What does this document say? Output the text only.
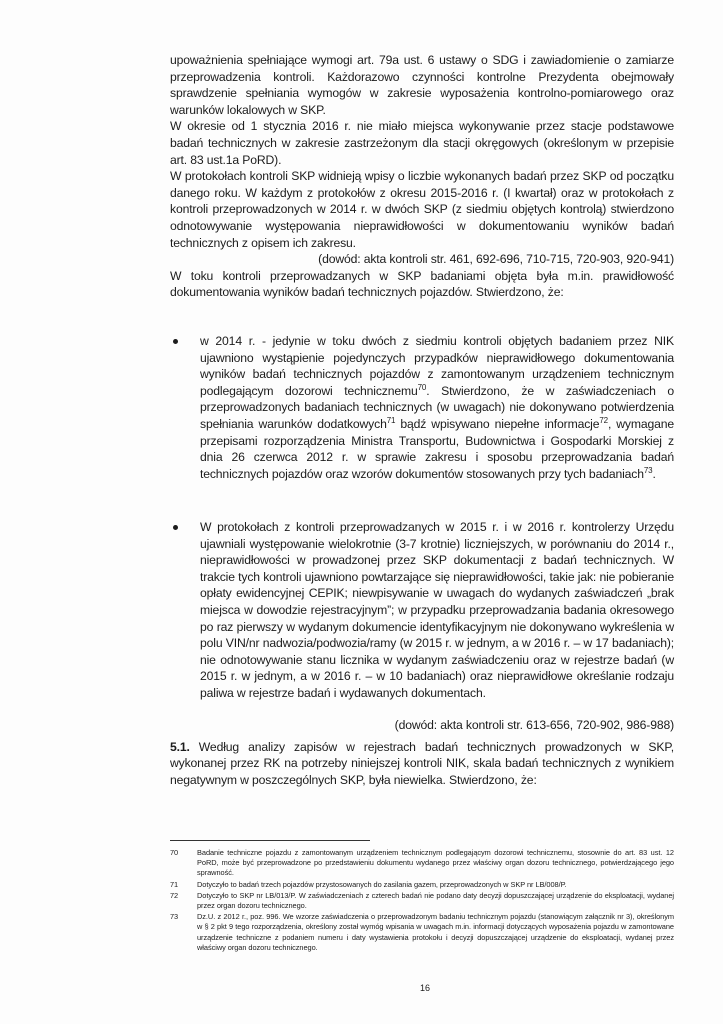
upoważnienia spełniające wymogi art. 79a ust. 6 ustawy o SDG i zawiadomienie o zamiarze przeprowadzenia kontroli. Każdorazowo czynności kontrolne Prezydenta obejmowały sprawdzenie spełniania wymogów w zakresie wyposażenia kontrolno-pomiarowego oraz warunków lokalowych w SKP.

W okresie od 1 stycznia 2016 r. nie miało miejsca wykonywanie przez stacje podstawowe badań technicznych w zakresie zastrzeżonym dla stacji okręgowych (określonym w przepisie art. 83 ust.1a PoRD).

W protokołach kontroli SKP widnieją wpisy o liczbie wykonanych badań przez SKP od początku danego roku. W każdym z protokołów z okresu 2015-2016 r. (I kwartał) oraz w protokołach z kontroli przeprowadzonych w 2014 r. w dwóch SKP (z siedmiu objętych kontrolą) stwierdzono odnotowywanie występowania nieprawidłowości w dokumentowaniu wyników badań technicznych z opisem ich zakresu.

(dowód: akta kontroli str. 461, 692-696, 710-715, 720-903, 920-941)

W toku kontroli przeprowadzanych w SKP badaniami objęta była m.in. prawidłowość dokumentowania wyników badań technicznych pojazdów. Stwierdzono, że:

w 2014 r. - jedynie w toku dwóch z siedmiu kontroli objętych badaniem przez NIK ujawniono wystąpienie pojedynczych przypadków nieprawidłowego dokumentowania wyników badań technicznych pojazdów z zamontowanym urządzeniem technicznym podlegającym dozorowi technicznemu$^{70}$. Stwierdzono, że w zaświadczeniach o przeprowadzonych badaniach technicznych (w uwagach) nie dokonywano potwierdzenia spełniania warunków dodatkowych$^{71}$ bądź wpisywano niepełne informacje$^{72}$, wymagane przepisami rozporządzenia Ministra Transportu, Budownictwa i Gospodarki Morskiej z dnia 26 czerwca 2012 r. w sprawie zakresu i sposobu przeprowadzania badań technicznych pojazdów oraz wzorów dokumentów stosowanych przy tych badaniach$^{73}$.
W protokołach z kontroli przeprowadzanych w 2015 r. i w 2016 r. kontrolerzy Urzędu ujawniali występowanie wielokrotnie (3-7 krotnie) liczniejszych, w porównaniu do 2014 r., nieprawidłowości w prowadzonej przez SKP dokumentacji z badań technicznych. W trakcie tych kontroli ujawniono powtarzające się nieprawidłowości, takie jak: nie pobieranie opłaty ewidencyjnej CEPIK; niewpisywanie w uwagach do wydanych zaświadczeń „brak miejsca w dowodzie rejestracyjnym”; w przypadku przeprowadzania badania okresowego po raz pierwszy w wydanym dokumencie identyfikacyjnym nie dokonywano wykreślenia w polu VIN/nr nadwozia/podwozia/ramy (w 2015 r. w jednym, a w 2016 r. – w 17 badaniach); nie odnotowywanie stanu licznika w wydanym zaświadczeniu oraz w rejestrze badań (w 2015 r. w jednym, a w 2016 r. – w 10 badaniach) oraz nieprawidłowe określanie rodzaju paliwa w rejestrze badań i wydawanych dokumentach.

(dowód: akta kontroli str. 613-656, 720-902, 986-988)

5.1. Według analizy zapisów w rejestrach badań technicznych prowadzonych w SKP, wykonanej przez RK na potrzeby niniejszej kontroli NIK, skala badań technicznych z wynikiem negatywnym w poszczególnych SKP, była niewielka. Stwierdzono, że:

70	Badanie techniczne pojazdu z zamontowanym urządzeniem technicznym podlegającym dozorowi technicznemu, stosownie do art. 83 ust. 12 PoRD, może być przeprowadzone po przedstawieniu dokumentu wydanego przez właściwy organ dozoru technicznego, potwierdzającego jego sprawność.

71	Dotyczyło to badań trzech pojazdów przystosowanych do zasilania gazem, przeprowadzonych w SKP nr LB/008/P.

72	Dotyczyło to SKP nr LB/013/P. W zaświadczeniach z czterech badań nie podano daty decyzji dopuszczającej urządzenie do eksploatacji, wydanej przez organ dozoru technicznego.

73	Dz.U. z 2012 r., poz. 996. We wzorze zaświadczenia o przeprowadzonym badaniu technicznym pojazdu (stanowiącym załącznik nr 3), określonym w § 2 pkt 9 tego rozporządzenia, określony został wymóg wpisania w uwagach m.in. informacji dotyczących wyposażenia pojazdu w zamontowane urządzenie techniczne z podaniem numeru i daty wystawienia protokołu i decyzji dopuszczającej urządzenie do eksploatacji, wydanej przez właściwy organ dozoru technicznego.

16
